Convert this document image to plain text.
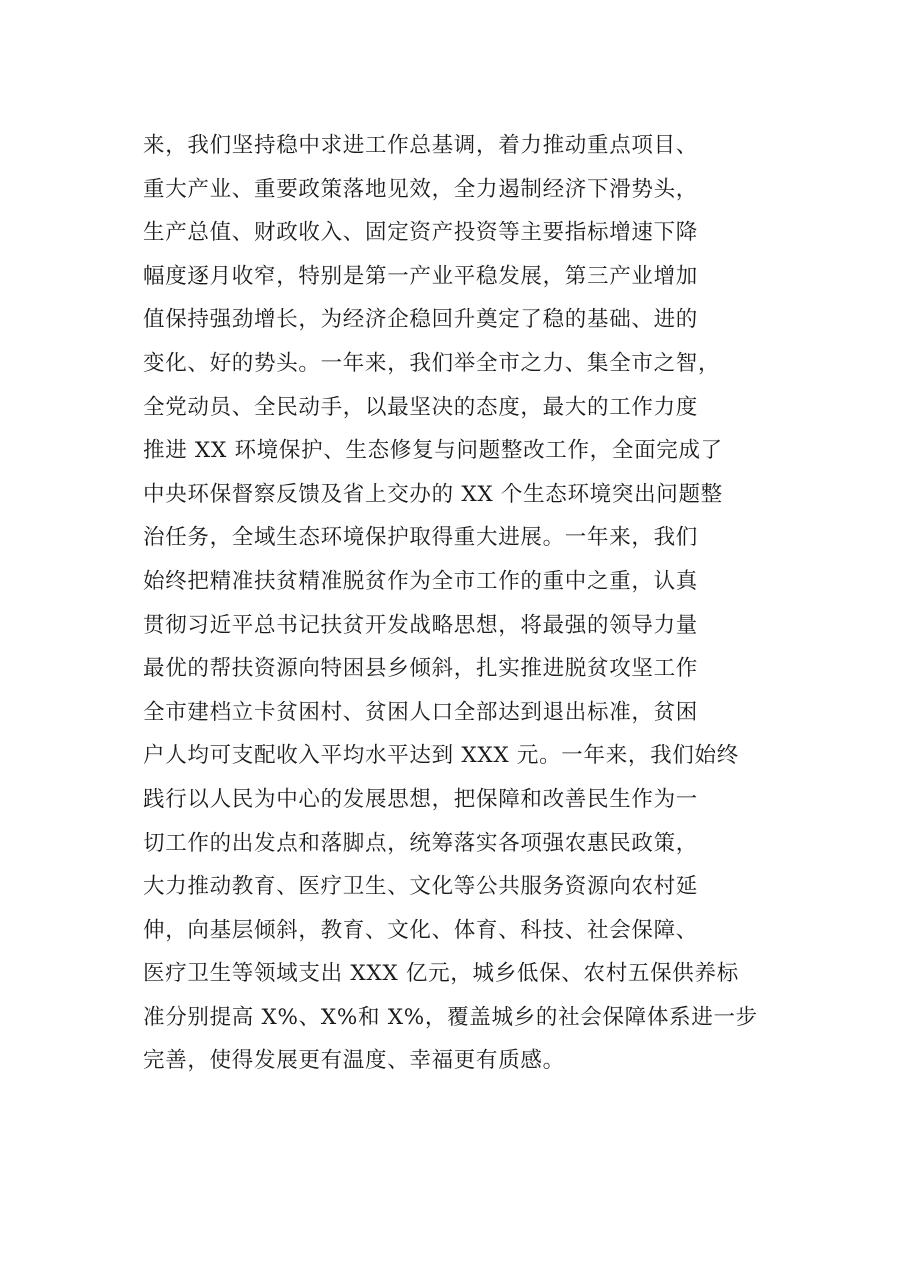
来，我们坚持稳中求进工作总基调，着力推动重点项目、
重大产业、重要政策落地见效，全力遏制经济下滑势头，
生产总值、财政收入、固定资产投资等主要指标增速下降
幅度逐月收窄，特别是第一产业平稳发展，第三产业增加
值保持强劲增长，为经济企稳回升奠定了稳的基础、进的
变化、好的势头。一年来，我们举全市之力、集全市之智，
全党动员、全民动手，以最坚决的态度，最大的工作力度
推进 XX 环境保护、生态修复与问题整改工作，全面完成了
中央环保督察反馈及省上交办的 XX 个生态环境突出问题整
治任务，全域生态环境保护取得重大进展。一年来，我们
始终把精准扶贫精准脱贫作为全市工作的重中之重，认真
贯彻习近平总书记扶贫开发战略思想，将最强的领导力量
最优的帮扶资源向特困县乡倾斜，扎实推进脱贫攻坚工作
全市建档立卡贫困村、贫困人口全部达到退出标准，贫困
户人均可支配收入平均水平达到 XXX 元。一年来，我们始终
践行以人民为中心的发展思想，把保障和改善民生作为一
切工作的出发点和落脚点，统筹落实各项强农惠民政策，
大力推动教育、医疗卫生、文化等公共服务资源向农村延
伸，向基层倾斜，教育、文化、体育、科技、社会保障、
医疗卫生等领域支出 XXX 亿元，城乡低保、农村五保供养标
准分别提高 X%、X%和 X%，覆盖城乡的社会保障体系进一步
完善，使得发展更有温度、幸福更有质感。
